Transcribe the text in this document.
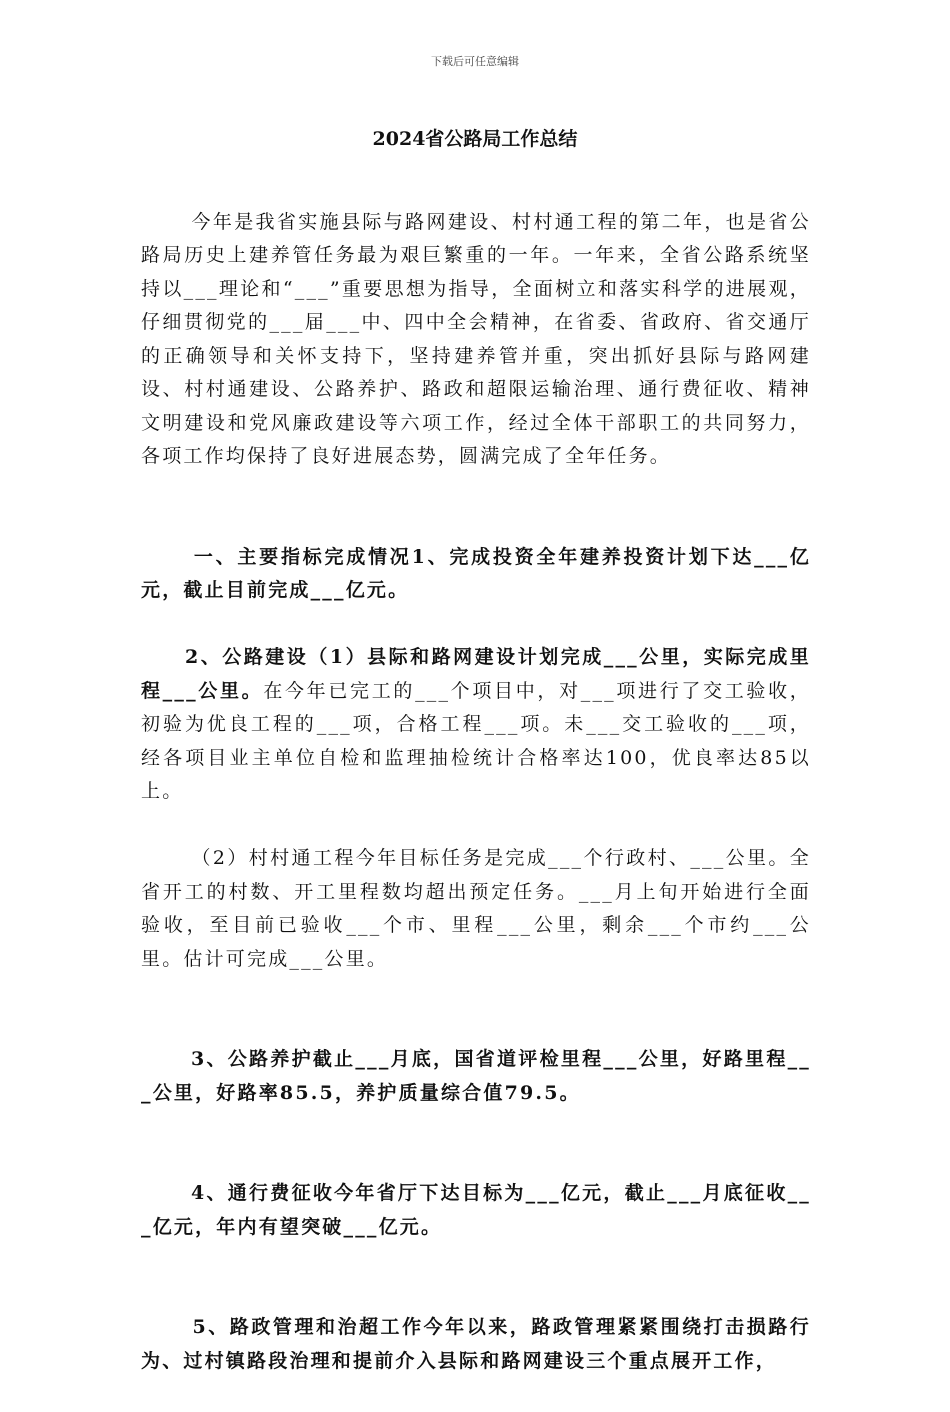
下载后可任意编辑
2024省公路局工作总结

今年是我省实施县际与路网建设、村村通工程的第二年，也是省公路局历史上建养管任务最为艰巨繁重的一年。一年来，全省公路系统坚持以___理论和“___”重要思想为指导，全面树立和落实科学的进展观，仔细贯彻党的___届___中、四中全会精神，在省委、省政府、省交通厅的正确领导和关怀支持下，坚持建养管并重，突出抓好县际与路网建设、村村通建设、公路养护、路政和超限运输治理、通行费征收、精神文明建设和党风廉政建设等六项工作，经过全体干部职工的共同努力，各项工作均保持了良好进展态势，圆满完成了全年任务。

一、主要指标完成情况1、完成投资全年建养投资计划下达___亿元，截止目前完成___亿元。

2、公路建设（1）县际和路网建设计划完成___公里，实际完成里程___公里。在今年已完工的___个项目中，对___项进行了交工验收，初验为优良工程的___项，合格工程___项。未___交工验收的___项，经各项目业主单位自检和监理抽检统计合格率达100，优良率达85以上。

（2）村村通工程今年目标任务是完成___个行政村、___公里。全省开工的村数、开工里程数均超出预定任务。___月上旬开始进行全面验收，至目前已验收___个市、里程___公里，剩余___个市约___公里。估计可完成___公里。

3、公路养护截止___月底，国省道评检里程___公里，好路里程___公里，好路率85.5，养护质量综合值79.5。

4、通行费征收今年省厅下达目标为___亿元，截止___月底征收___亿元，年内有望突破___亿元。

5、路政管理和治超工作今年以来，路政管理紧紧围绕打击损路行为、过村镇路段治理和提前介入县际和路网建设三个重点展开工作，
